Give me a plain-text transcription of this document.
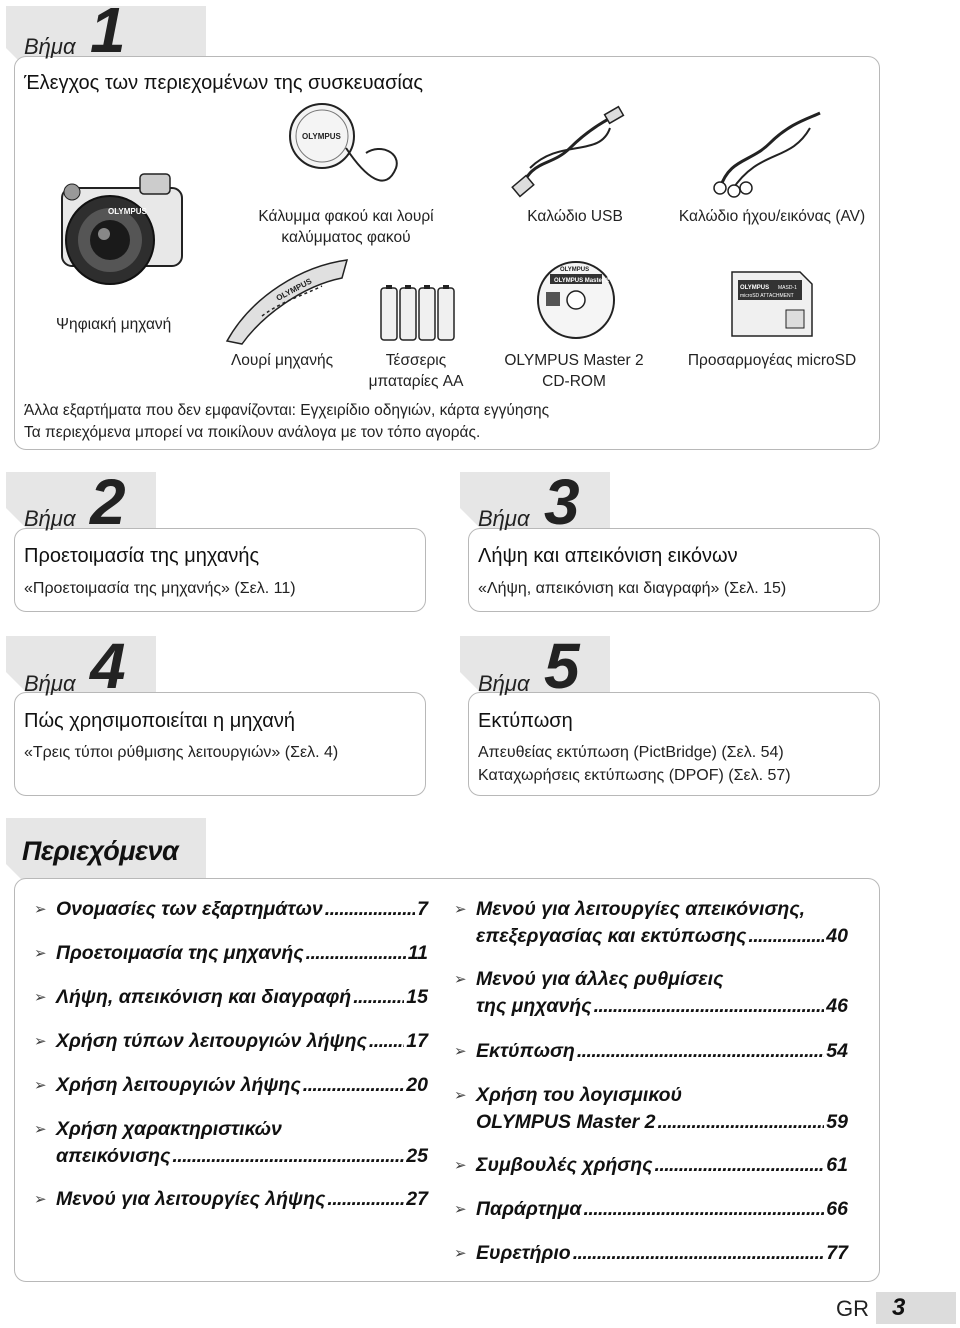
Βήμα 1
Έλεγχος των περιεχομένων της συσκευασίας
OLYMPUS
Ψηφιακή μηχανή
OLYMPUS
Κάλυμμα φακού και λουρί καλύμματος φακού
Καλώδιο USB	Καλώδιο ήχου/εικόνας (AV)
OLYMPUS
Λουρί μηχανής	Τέσσερις μπαταρίες AA
OLYMPUS Master 2
OLYMPUS
OLYMPUS Master 2 CD-ROM
OLYMPUS MASD-1
microSD ATTACHMENT
Προσαρμογέας microSD
Άλλα εξαρτήματα που δεν εμφανίζονται: Εγχειρίδιο οδηγιών, κάρτα εγγύησης
Τα περιεχόμενα μπορεί να ποικίλουν ανάλογα με τον τόπο αγοράς.
Βήμα 2
Προετοιμασία της μηχανής
«Προετοιμασία της μηχανής» (Σελ. 11)
Βήμα 3
Λήψη και απεικόνιση εικόνων
«Λήψη, απεικόνιση και διαγραφή» (Σελ. 15)
Βήμα 4
Πώς χρησιμοποιείται η μηχανή
«Τρεις τύποι ρύθμισης λειτουργιών» (Σελ. 4)
Βήμα 5
Εκτύπωση
Απευθείας εκτύπωση (PictBridge) (Σελ. 54)
Καταχωρήσεις εκτύπωσης (DPOF) (Σελ. 57)
Περιεχόμενα
GR 3
➢ Ονομασίες των εξαρτημάτων . . .	7
➢ Προετοιμασία της μηχανής . . .	11
➢ Λήψη, απεικόνιση και διαγραφή . . .	15
➢ Χρήση τύπων λειτουργιών λήψης . . . 17
➢ Χρήση λειτουργιών λήψης . . .	20
➢ Χρήση χαρακτηριστικών
απεικόνισης . . .	25
➢ Μενού για λειτουργίες λήψης . . .	27
➢ Μενού για λειτουργίες απεικόνισης,
επεξεργασίας και εκτύπωσης . . .	40
➢ Μενού για άλλες ρυθμίσεις
της μηχανής . . .	46
➢ Εκτύπωση . . .	54
➢ Χρήση του λογισμικού
OLYMPUS Master 2 . . .	59
➢ Συμβουλές χρήσης . . .	61
➢ Παράρτημα . . .	66
➢ Ευρετήριο . . .	77
